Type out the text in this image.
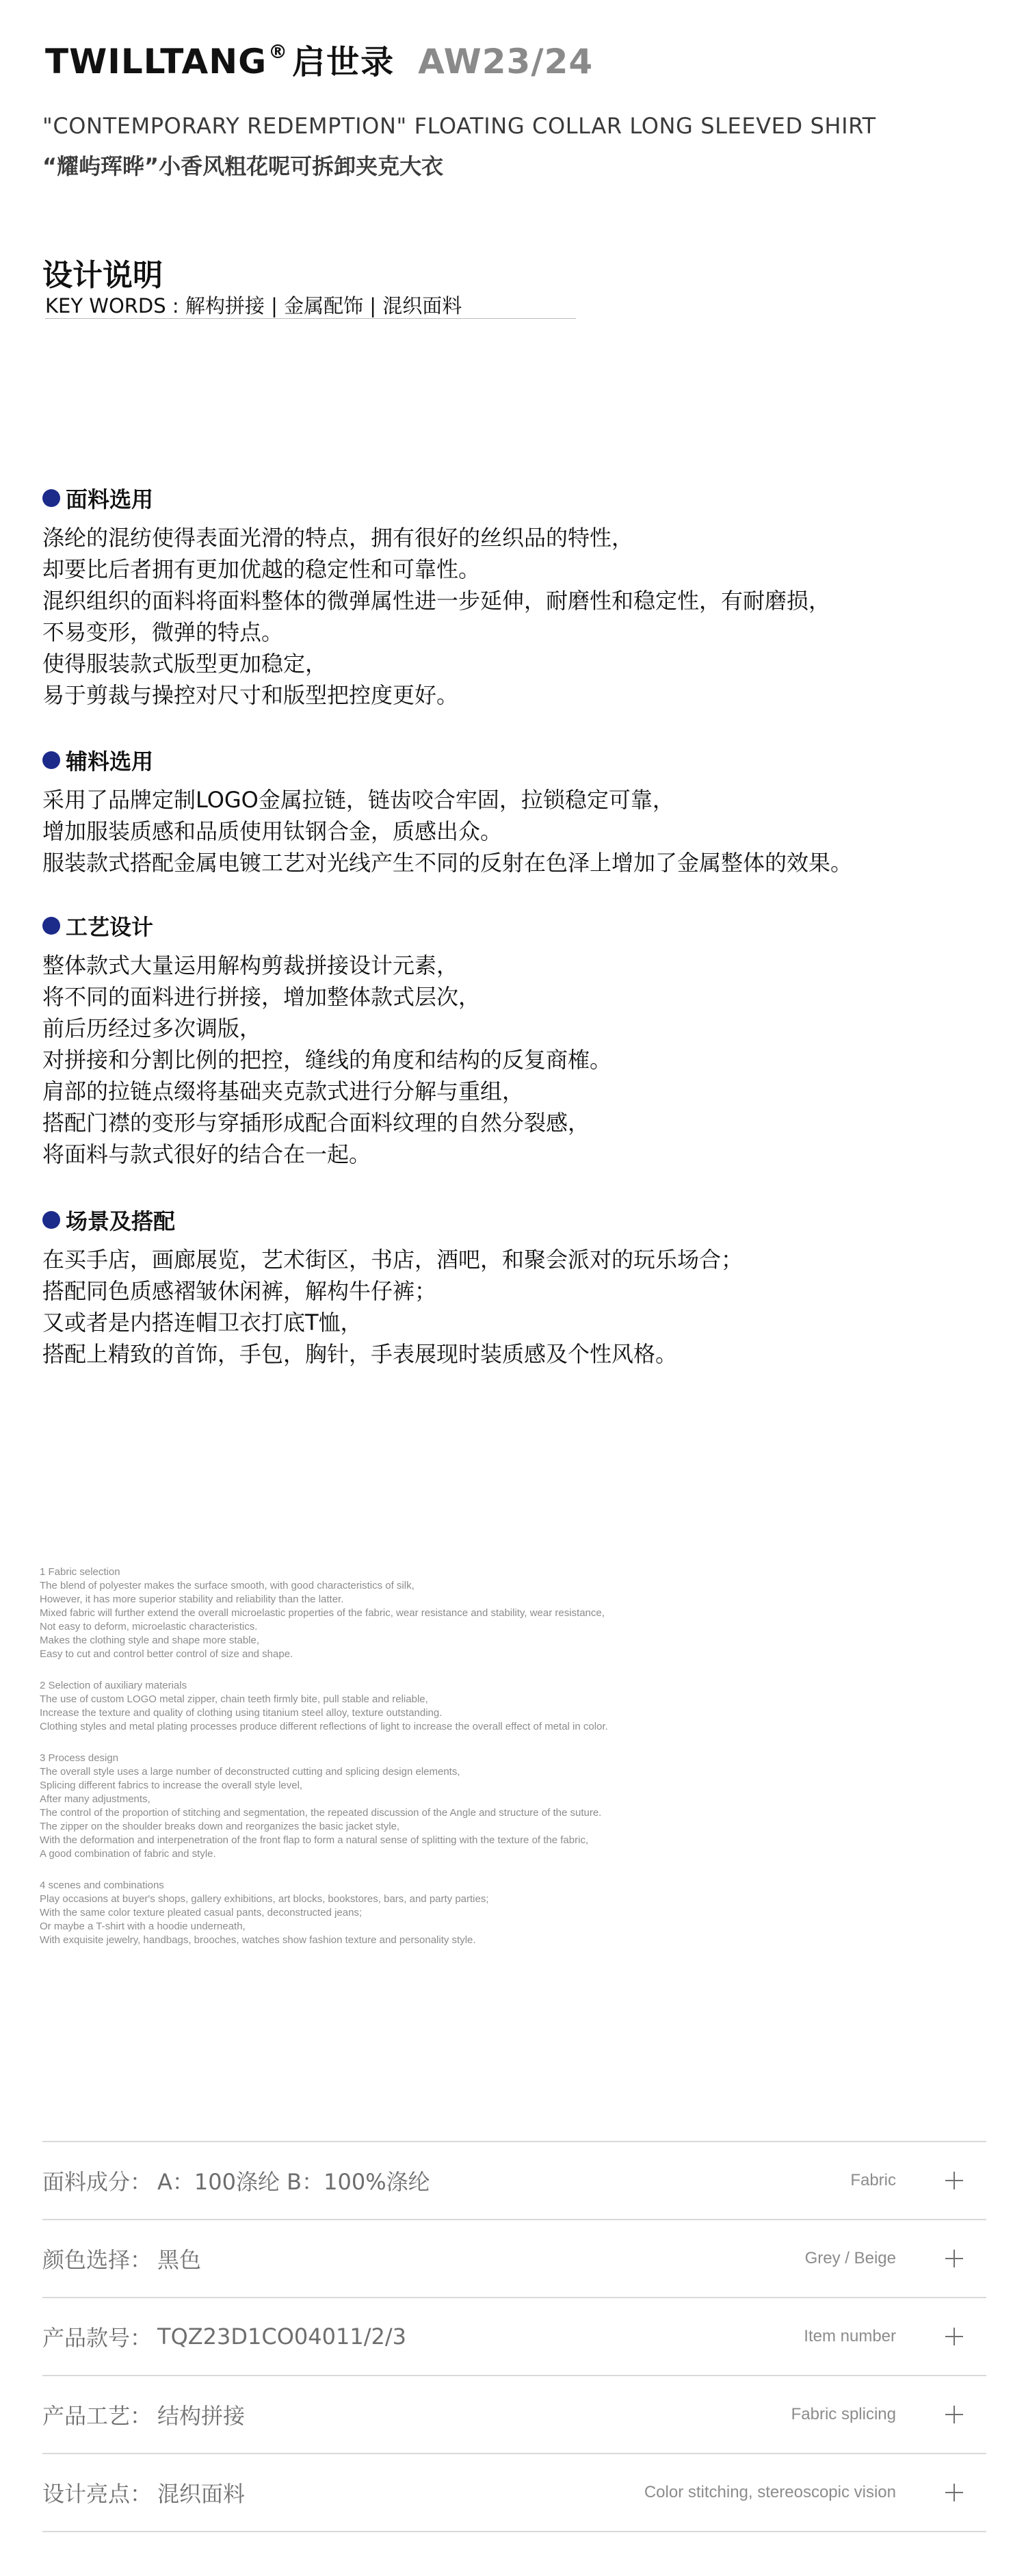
TWILLTANG® 启世录 AW23/24
"CONTEMPORARY REDEMPTION" FLOATING COLLAR LONG SLEEVED SHIRT
“耀屿珲晔”小香风粗花呢可拆卸夹克大衣
设计说明
KEY WORDS : 解构拼接 | 金属配饰 | 混织面料
面料选用
涤纶的混纺使得表面光滑的特点，拥有很好的丝织品的特性，
却要比后者拥有更加优越的稳定性和可靠性。
混织组织的面料将面料整体的微弹属性进一步延伸，耐磨性和稳定性，有耐磨损，
不易变形，微弹的特点。
使得服装款式版型更加稳定，
易于剪裁与操控对尺寸和版型把控度更好。
辅料选用
采用了品牌定制LOGO金属拉链，链齿咬合牢固，拉锁稳定可靠，
增加服装质感和品质使用钛钢合金，质感出众。
服装款式搭配金属电镀工艺对光线产生不同的反射在色泽上增加了金属整体的效果。
工艺设计
整体款式大量运用解构剪裁拼接设计元素，
将不同的面料进行拼接，增加整体款式层次，
前后历经过多次调版，
对拼接和分割比例的把控，缝线的角度和结构的反复商榷。
肩部的拉链点缀将基础夹克款式进行分解与重组，
搭配门襟的变形与穿插形成配合面料纹理的自然分裂感，
将面料与款式很好的结合在一起。
场景及搭配
在买手店，画廊展览，艺术街区，书店，酒吧，和聚会派对的玩乐场合；
搭配同色质感褶皱休闲裤，解构牛仔裤；
又或者是内搭连帽卫衣打底T恤，
搭配上精致的首饰，手包，胸针，手表展现时装质感及个性风格。
1 Fabric selection
The blend of polyester makes the surface smooth, with good characteristics of silk,
However, it has more superior stability and reliability than the latter.
Mixed fabric will further extend the overall microelastic properties of the fabric, wear resistance and stability, wear resistance,
Not easy to deform, microelastic characteristics.
Makes the clothing style and shape more stable,
Easy to cut and control better control of size and shape.
2 Selection of auxiliary materials
The use of custom LOGO metal zipper, chain teeth firmly bite, pull stable and reliable,
Increase the texture and quality of clothing using titanium steel alloy, texture outstanding.
Clothing styles and metal plating processes produce different reflections of light to increase the overall effect of metal in color.
3 Process design
The overall style uses a large number of deconstructed cutting and splicing design elements,
Splicing different fabrics to increase the overall style level,
After many adjustments,
The control of the proportion of stitching and segmentation, the repeated discussion of the Angle and structure of the suture.
The zipper on the shoulder breaks down and reorganizes the basic jacket style,
With the deformation and interpenetration of the front flap to form a natural sense of splitting with the texture of the fabric,
A good combination of fabric and style.
4 scenes and combinations
Play occasions at buyer's shops, gallery exhibitions, art blocks, bookstores, bars, and party parties;
With the same color texture pleated casual pants, deconstructed jeans;
Or maybe a T-shirt with a hoodie underneath,
With exquisite jewelry, handbags, brooches, watches show fashion texture and personality style.
面料成分： A：100涤纶 B：100%涤纶	Fabric
颜色选择： 黑色	Grey / Beige
产品款号： TQZ23D1CO04011/2/3	Item number
产品工艺： 结构拼接	Fabric splicing
设计亮点： 混织面料	Color stitching, stereoscopic vision
